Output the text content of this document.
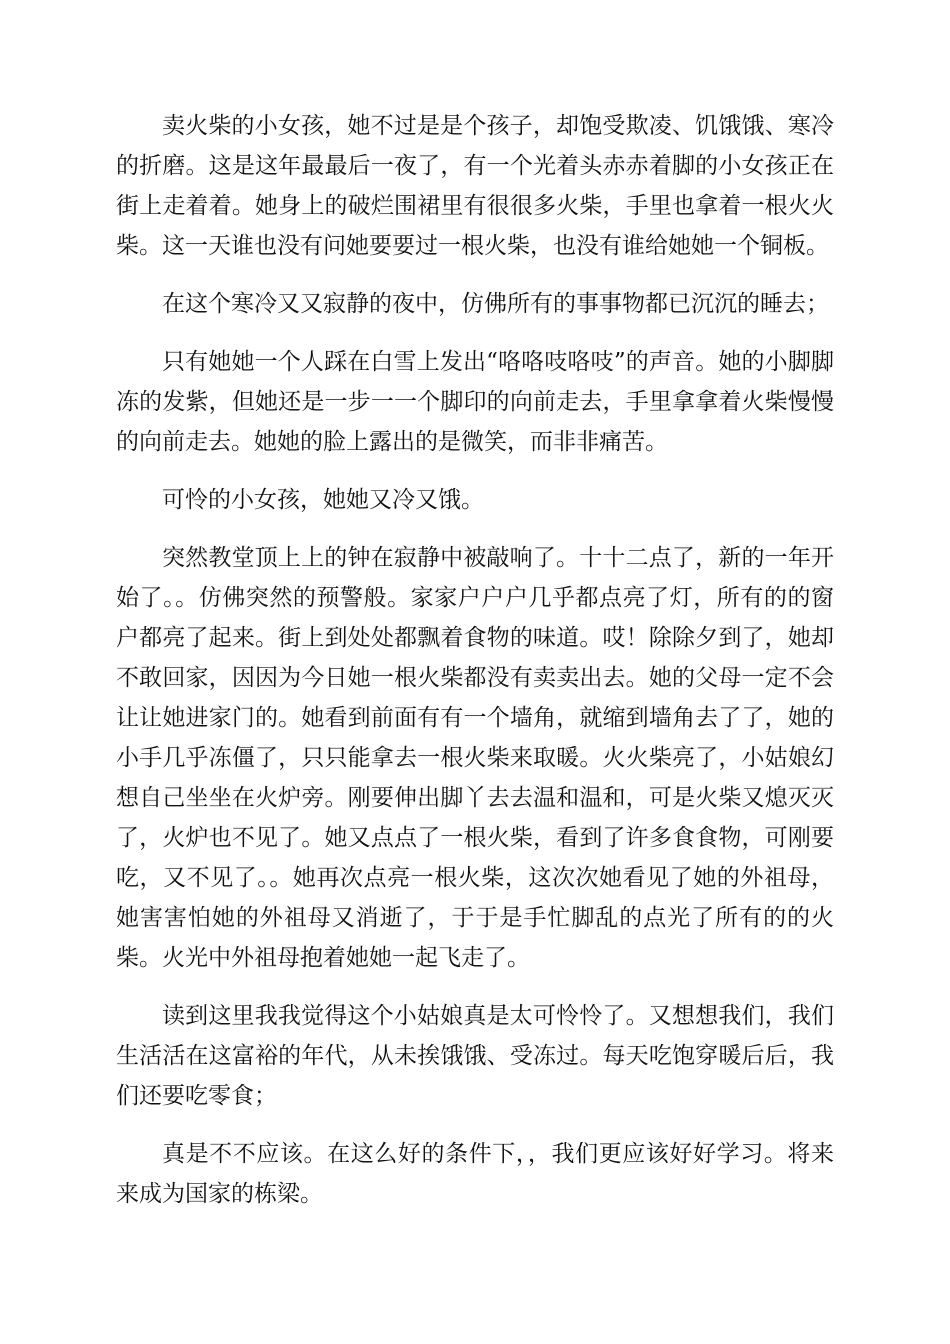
卖火柴的小女孩，她不过是是个孩子，却饱受欺凌、饥饿饿、寒冷的折磨。这是这年最最后一夜了，有一个光着头赤赤着脚的小女孩正在街上走着着。她身上的破烂围裙里有很很多火柴，手里也拿着一根火火柴。这一天谁也没有问她要要过一根火柴，也没有谁给她她一个铜板。

在这个寒冷又又寂静的夜中，仿佛所有的事事物都已沉沉的睡去；

只有她她一个人踩在白雪上发出“咯咯吱咯吱”的声音。她的小脚脚冻的发紫，但她还是一步一一个脚印的向前走去，手里拿拿着火柴慢慢的向前走去。她她的脸上露出的是微笑，而非非痛苦。

可怜的小女孩，她她又冷又饿。

突然教堂顶上上的钟在寂静中被敲响了。十十二点了，新的一年开始了。。仿佛突然的预警般。家家户户户几乎都点亮了灯，所有的的窗户都亮了起来。街上到处处都飘着食物的味道。哎！除除夕到了，她却不敢回家，因因为今日她一根火柴都没有卖卖出去。她的父母一定不会让让她进家门的。她看到前面有有一个墙角，就缩到墙角去了了，她的小手几乎冻僵了，只只能拿去一根火柴来取暖。火火柴亮了，小姑娘幻想自己坐坐在火炉旁。刚要伸出脚丫去去温和温和，可是火柴又熄灭灭了，火炉也不见了。她又点点了一根火柴，看到了许多食食物，可刚要吃，又不见了。。她再次点亮一根火柴，这次次她看见了她的外祖母，她害害怕她的外祖母又消逝了，于于是手忙脚乱的点光了所有的的火柴。火光中外祖母抱着她她一起飞走了。

读到这里我我觉得这个小姑娘真是太可怜怜了。又想想我们，我们生活活在这富裕的年代，从未挨饿饿、受冻过。每天吃饱穿暖后后，我们还要吃零食；

真是不不应该。在这么好的条件下，，我们更应该好好学习。将来来成为国家的栋梁。
